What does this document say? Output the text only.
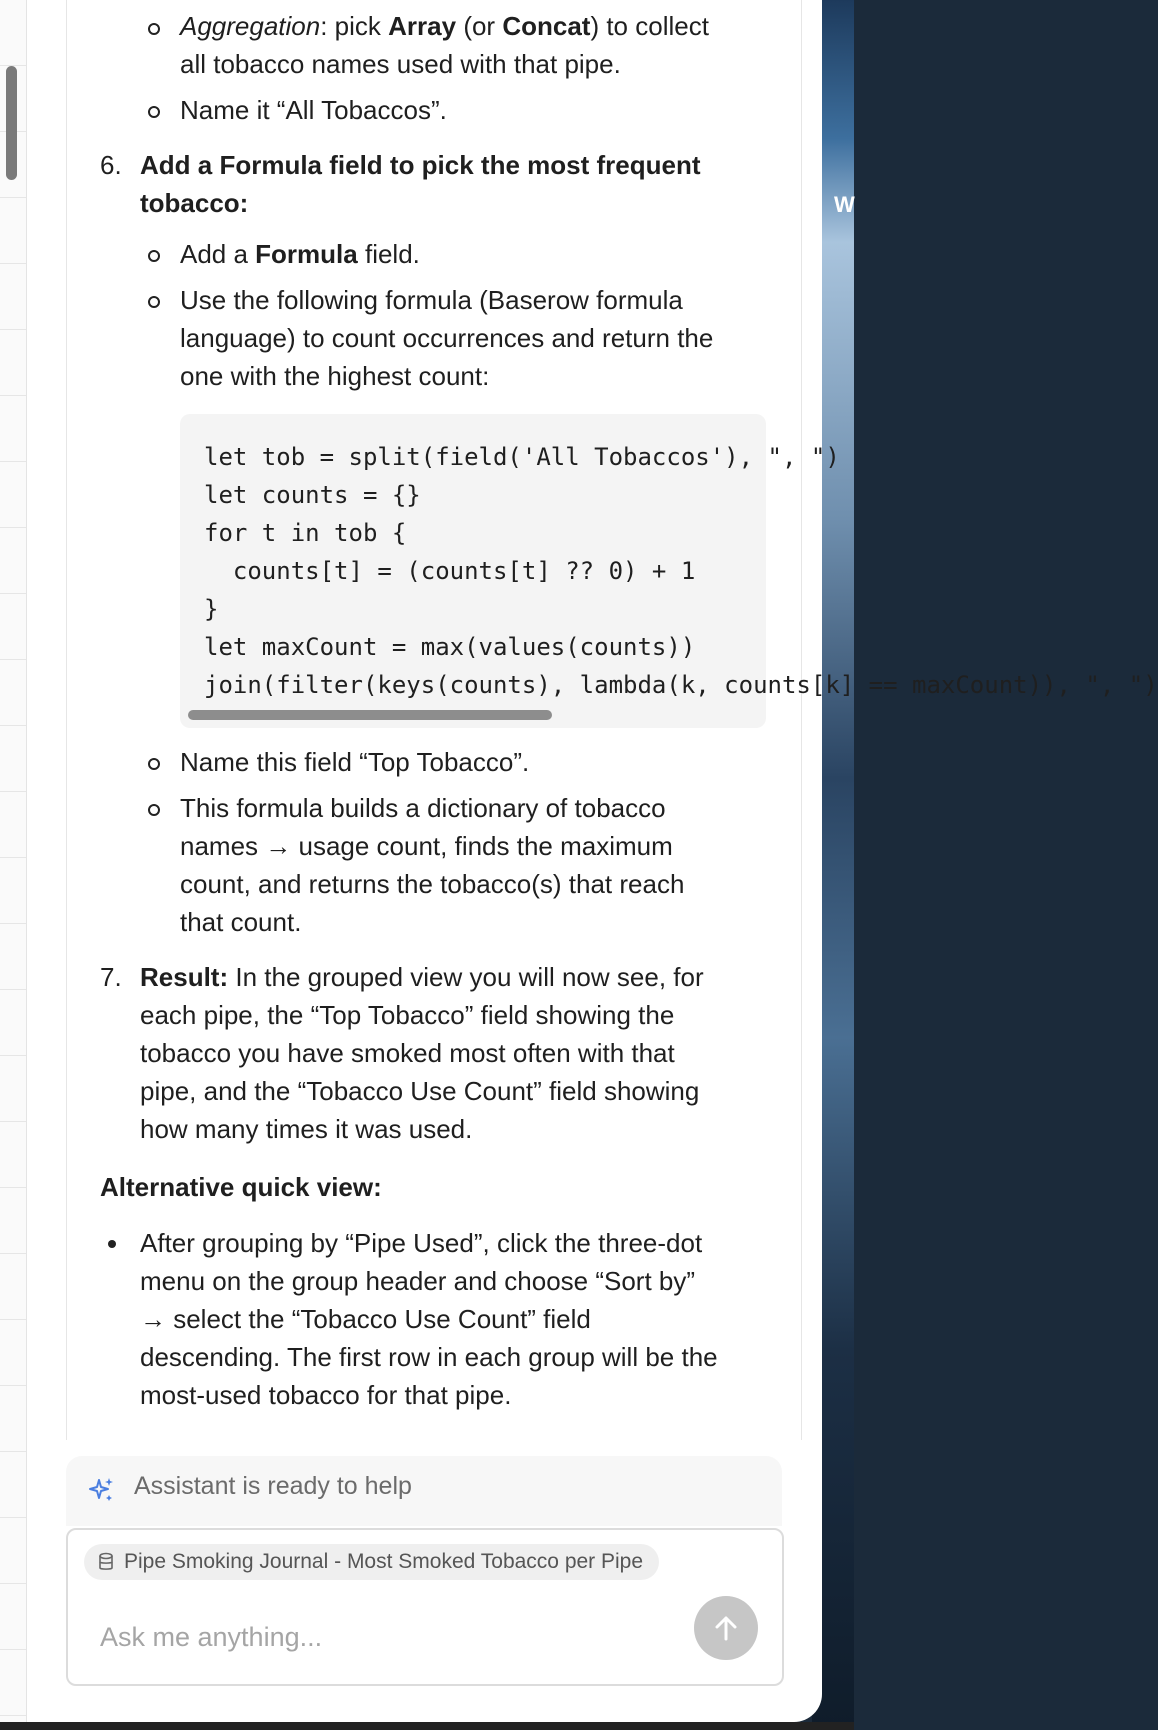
W
Aggregation: pick Array (or Concat) to collect
all tobacco names used with that pipe.
Name it “All Tobaccos”.
6. Add a Formula field to pick the most frequent
tobacco:
Add a Formula field.
Use the following formula (Baserow formula
language) to count occurrences and return the
one with the highest count:
let tob = split(field('All Tobaccos'), ", ")
let counts = {}
for t in tob {
counts[t] = (counts[t] ?? 0) + 1
}
let maxCount = max(values(counts))
join(filter(keys(counts), lambda(k, counts[k] == maxCount)), ", ")
Name this field “Top Tobacco”.
This formula builds a dictionary of tobacco
names → usage count, finds the maximum
count, and returns the tobacco(s) that reach
that count.
7. Result: In the grouped view you will now see, for
each pipe, the “Top Tobacco” field showing the
tobacco you have smoked most often with that
pipe, and the “Tobacco Use Count” field showing
how many times it was used.
Alternative quick view:
After grouping by “Pipe Used”, click the three-dot
menu on the group header and choose “Sort by”
→ select the “Tobacco Use Count” field
descending. The first row in each group will be the
most-used tobacco for that pipe.
Assistant is ready to help
Pipe Smoking Journal - Most Smoked Tobacco per Pipe
Ask me anything...
